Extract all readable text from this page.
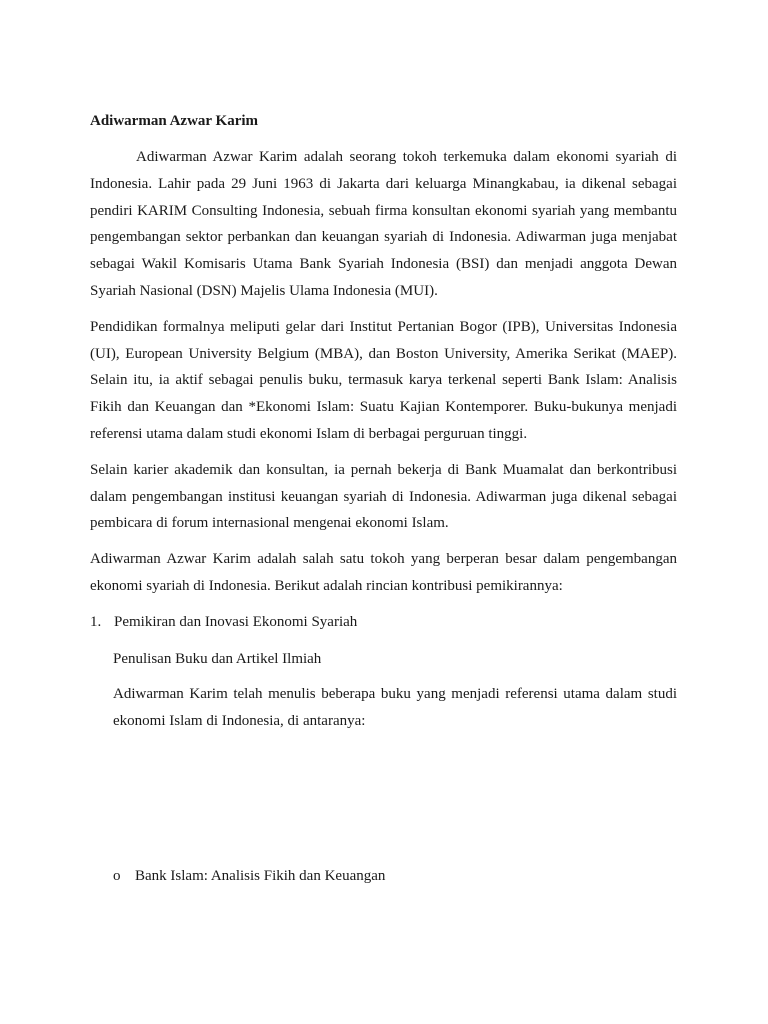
Adiwarman Azwar Karim

Adiwarman Azwar Karim adalah seorang tokoh terkemuka dalam ekonomi syariah di Indonesia. Lahir pada 29 Juni 1963 di Jakarta dari keluarga Minangkabau, ia dikenal sebagai pendiri KARIM Consulting Indonesia, sebuah firma konsultan ekonomi syariah yang membantu pengembangan sektor perbankan dan keuangan syariah di Indonesia. Adiwarman juga menjabat sebagai Wakil Komisaris Utama Bank Syariah Indonesia (BSI) dan menjadi anggota Dewan Syariah Nasional (DSN) Majelis Ulama Indonesia (MUI).

Pendidikan formalnya meliputi gelar dari Institut Pertanian Bogor (IPB), Universitas Indonesia (UI), European University Belgium (MBA), dan Boston University, Amerika Serikat (MAEP). Selain itu, ia aktif sebagai penulis buku, termasuk karya terkenal seperti Bank Islam: Analisis Fikih dan Keuangan dan *Ekonomi Islam: Suatu Kajian Kontemporer. Buku-bukunya menjadi referensi utama dalam studi ekonomi Islam di berbagai perguruan tinggi.

Selain karier akademik dan konsultan, ia pernah bekerja di Bank Muamalat dan berkontribusi dalam pengembangan institusi keuangan syariah di Indonesia. Adiwarman juga dikenal sebagai pembicara di forum internasional mengenai ekonomi Islam.

Adiwarman Azwar Karim adalah salah satu tokoh yang berperan besar dalam pengembangan ekonomi syariah di Indonesia. Berikut adalah rincian kontribusi pemikirannya:

1. Pemikiran dan Inovasi Ekonomi Syariah

Penulisan Buku dan Artikel Ilmiah

Adiwarman Karim telah menulis beberapa buku yang menjadi referensi utama dalam studi ekonomi Islam di Indonesia, di antaranya:

o Bank Islam: Analisis Fikih dan Keuangan
